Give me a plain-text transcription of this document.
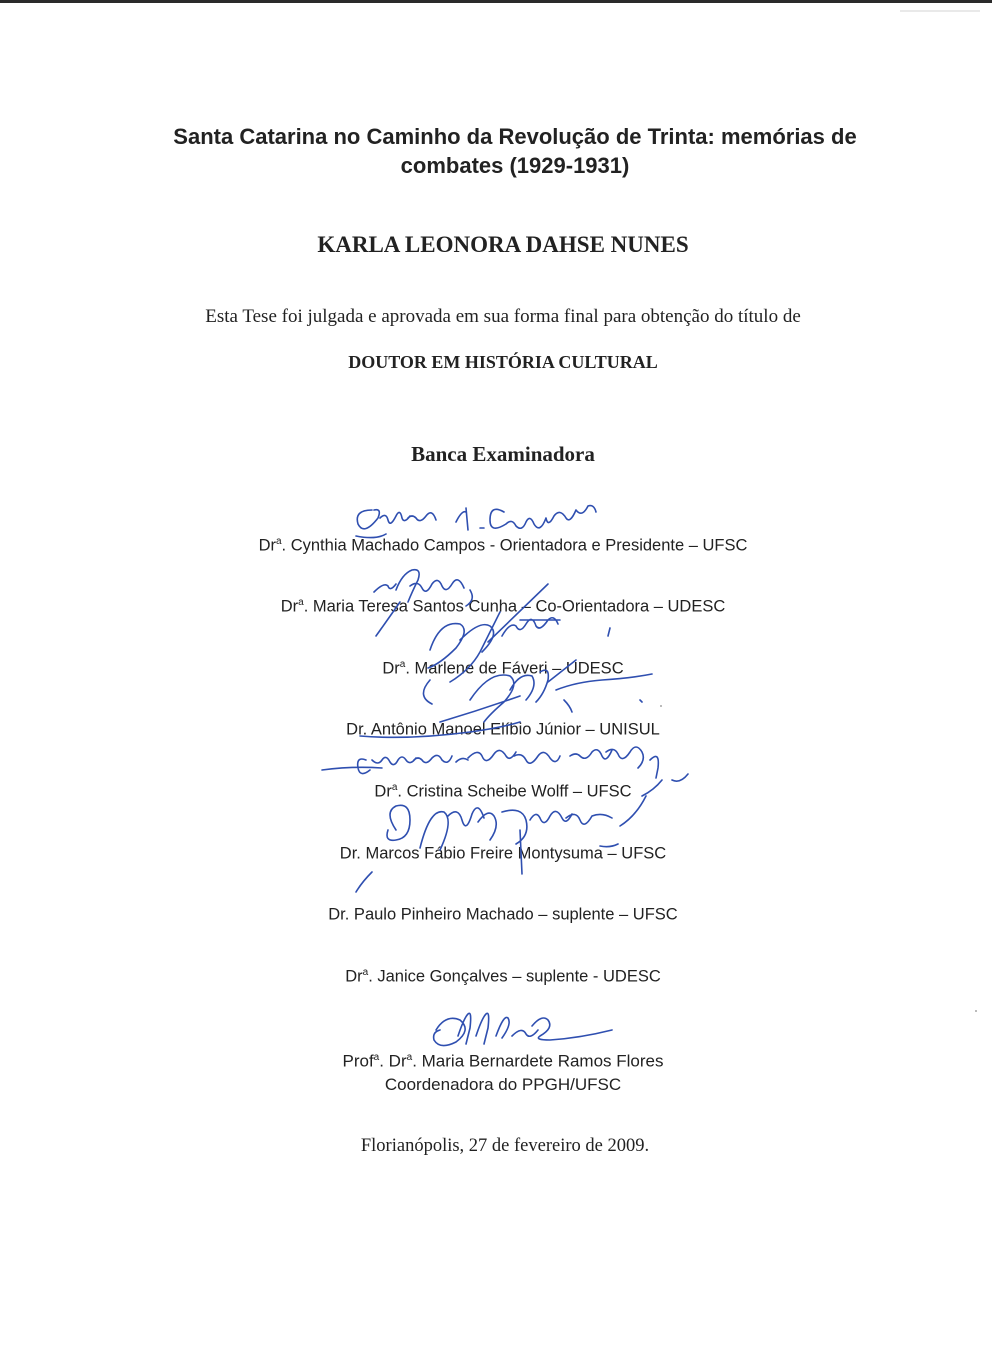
Santa Catarina no Caminho da Revolução de Trinta: memórias de
combates (1929-1931)
KARLA LEONORA DAHSE NUNES
Esta Tese foi julgada e aprovada em sua forma final para obtenção do título de
DOUTOR EM HISTÓRIA CULTURAL
Banca Examinadora
Dr$^a$. Cynthia Machado Campos - Orientadora e Presidente – UFSC
Dr$^a$. Maria Teresa Santos Cunha – Co-Orientadora – UDESC
Dr$^a$. Marlene de Fáveri – UDESC
Dr. Antônio Manoel Elíbio Júnior – UNISUL
Dr$^a$. Cristina Scheibe Wolff – UFSC
Dr. Marcos Fábio Freire Montysuma – UFSC
Dr. Paulo Pinheiro Machado – suplente – UFSC
Dr$^a$. Janice Gonçalves – suplente - UDESC
Prof$^a$. Dr$^a$. Maria Bernardete Ramos Flores
Coordenadora do PPGH/UFSC
Florianópolis, 27 de fevereiro de 2009.
